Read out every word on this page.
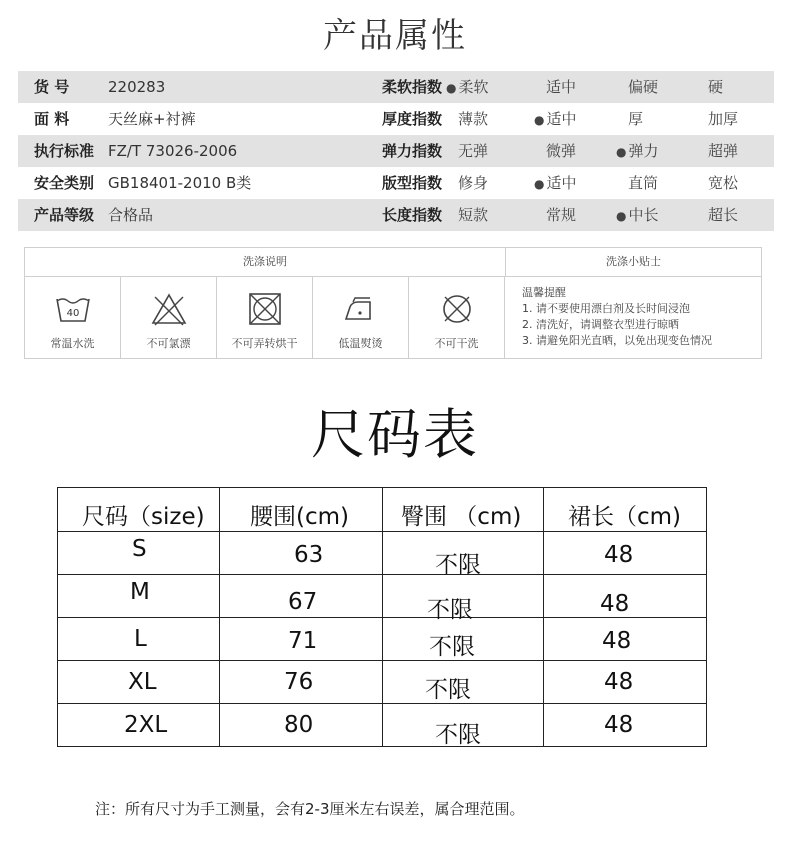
产品属性
货 号	220283	柔软指数 ● 柔软	适中	偏硬	硬
面 料	天丝麻+衬裤	厚度指数 薄款	● 适中	厚	加厚
执行标准 FZ/T 73026-2006	弹力指数 无弹	微弹	● 弹力	超弹
安全类别 GB18401-2010 B类	版型指数 修身	● 适中	直筒	宽松
产品等级 合格品	长度指数 短款	常规	● 中长	超长
洗涤说明	洗涤小贴士
40
常温水洗	不可氯漂	不可弄转烘干	低温熨烫	不可干洗
温馨提醒
1. 请不要使用漂白剂及长时间浸泡
2. 清洗好，请调整衣型进行晾晒
3. 请避免阳光直晒，以免出现变色情况
尺码表
尺码（size)	腰围(cm)	臀围 （cm)	裙长（cm)

S	63	不限	48

M	67	不限	48

L	71	不限	48

XL	76	不限	48

2XL	80	不限	48
注：所有尺寸为手工测量，会有2-3厘米左右误差，属合理范围。
